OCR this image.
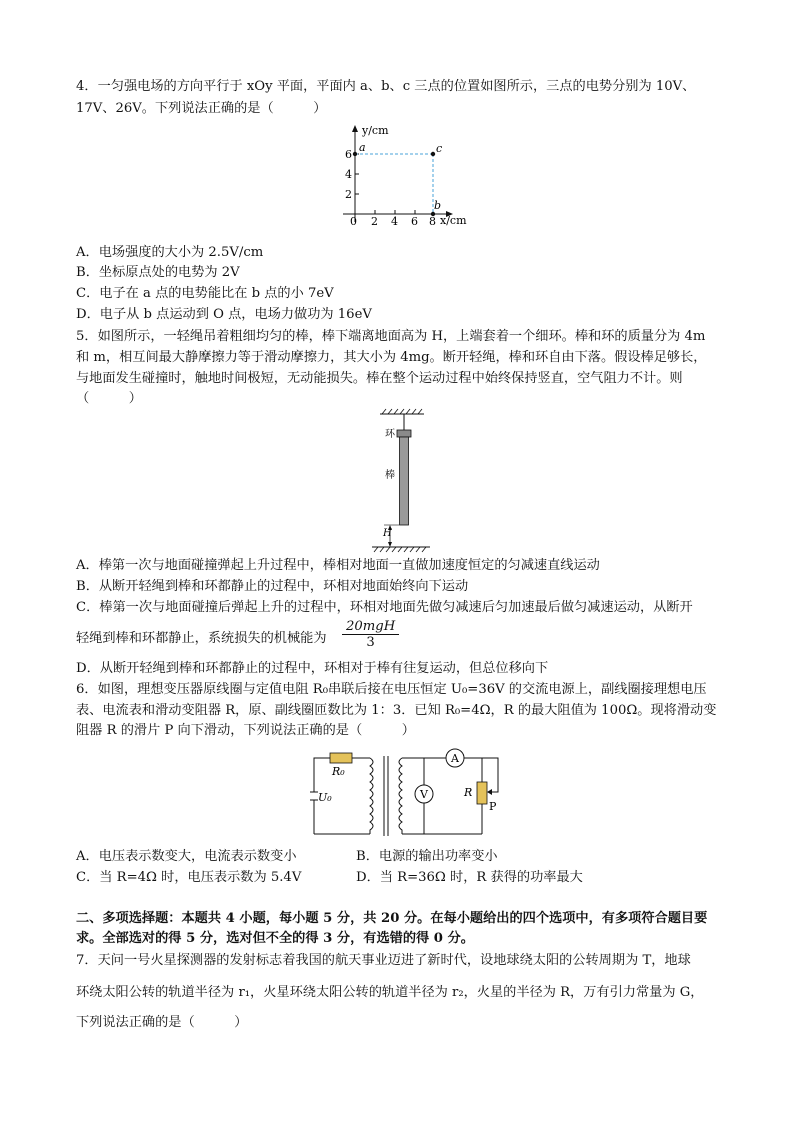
4．一匀强电场的方向平行于 xOy 平面，平面内 a、b、c 三点的位置如图所示，三点的电势分别为 10V、
17V、26V。下列说法正确的是（　　　）
y/cm
x/cm
0
2
4
6
2 4 6 8
a	c
b
A．电场强度的大小为 2.5V/cm
B．坐标原点处的电势为 2V
C．电子在 a 点的电势能比在 b 点的小 7eV
D．电子从 b 点运动到 O 点，电场力做功为 16eV
5．如图所示，一轻绳吊着粗细均匀的棒，棒下端离地面高为 H，上端套着一个细环。棒和环的质量分为 4m
和 m，相互间最大静摩擦力等于滑动摩擦力，其大小为 4mg。断开轻绳，棒和环自由下落。假设棒足够长，
与地面发生碰撞时，触地时间极短，无动能损失。棒在整个运动过程中始终保持竖直，空气阻力不计。则
（　　　）
环
棒
H
A．棒第一次与地面碰撞弹起上升过程中，棒相对地面一直做加速度恒定的匀减速直线运动
B．从断开轻绳到棒和环都静止的过程中，环相对地面始终向下运动
C．棒第一次与地面碰撞后弹起上升的过程中，环相对地面先做匀减速后匀加速最后做匀减速运动，从断开
轻绳到棒和环都静止，系统损失的机械能为
20mgH
3
D．从断开轻绳到棒和环都静止的过程中，环相对于棒有往复运动，但总位移向下
6．如图，理想变压器原线圈与定值电阻 R₀串联后接在电压恒定 U₀=36V 的交流电源上，副线圈接理想电压
表、电流表和滑动变阻器 R，原、副线圈匝数比为 1：3．已知 R₀=4Ω，R 的最大阻值为 100Ω。现将滑动变
阻器 R 的滑片 P 向下滑动，下列说法正确的是（　　　）
R₀
U₀
A
V	R
P
A．电压表示数变大，电流表示数变小	B．电源的输出功率变小
C．当 R=4Ω 时，电压表示数为 5.4V	D．当 R=36Ω 时，R 获得的功率最大
二、多项选择题：本题共 4 小题，每小题 5 分，共 20 分。在每小题给出的四个选项中，有多项符合题目要
求。全部选对的得 5 分，选对但不全的得 3 分，有选错的得 0 分。
7．天问一号火星探测器的发射标志着我国的航天事业迈进了新时代，设地球绕太阳的公转周期为 T，地球
环绕太阳公转的轨道半径为 r₁，火星环绕太阳公转的轨道半径为 r₂，火星的半径为 R，万有引力常量为 G，
下列说法正确的是（　　　）
